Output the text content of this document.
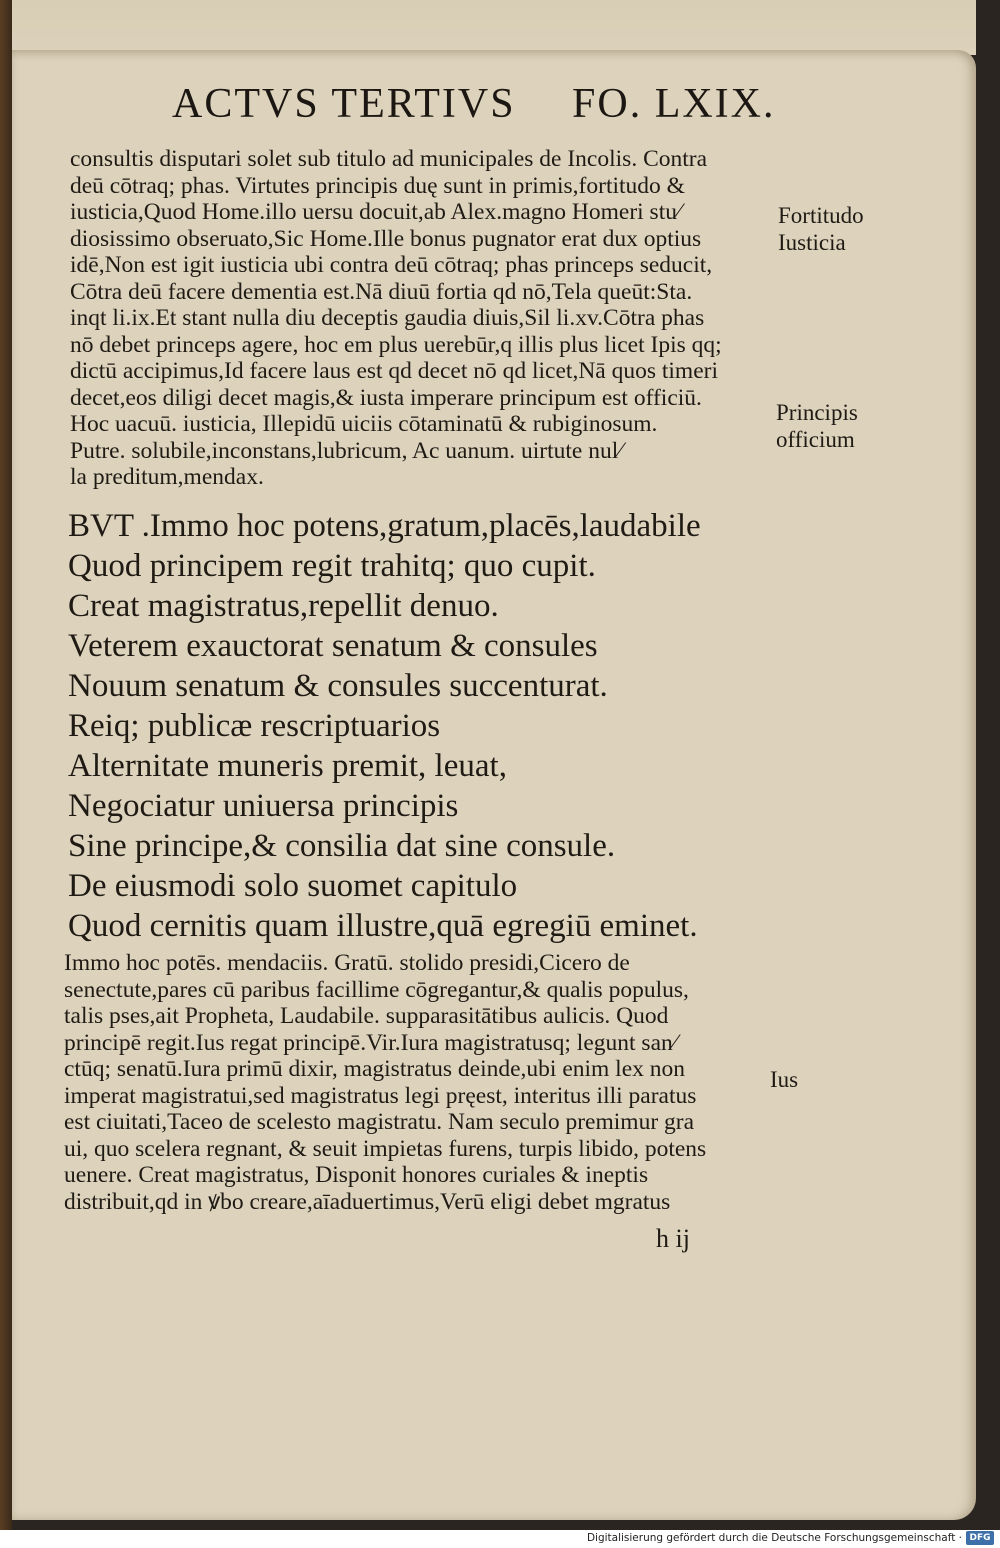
ACTVS TERTIVS FO. LXIX.
consultis disputari solet sub titulo ad municipales de Incolis. Contra
deū cōtraq; phas. Virtutes principis duę sunt in primis,fortitudo &
iusticia,Quod Home.illo uersu docuit,ab Alex.magno Homeri stu⁄
diosissimo obseruato,Sic Home.Ille bonus pugnator erat dux optius
idē,Non est igit iusticia ubi contra deū cōtraq; phas princeps seducit,
Cōtra deū facere dementia est.Nā diuū fortia qd nō,Tela queūt:Sta.
inqt li.ix.Et stant nulla diu deceptis gaudia diuis,Sil li.xv.Cōtra phas
nō debet princeps agere, hoc em plus uerebūr,q illis plus licet Ipis qq;
dictū accipimus,Id facere laus est qd decet nō qd licet,Nā quos timeri
decet,eos diligi decet magis,& iusta imperare principum est officiū.
Hoc uacuū. iusticia, Illepidū uiciis cōtaminatū & rubiginosum.
Putre. solubile,inconstans,lubricum, Ac uanum. uirtute nul⁄
la preditum,mendax.
BVT .Immo hoc potens,gratum,placēs,laudabile
Quod principem regit trahitq; quo cupit.
Creat magistratus,repellit denuo.
Veterem exauctorat senatum & consules
Nouum senatum & consules succenturat.
Reiq; publicæ rescriptuarios
Alternitate muneris premit, leuat,
Negociatur uniuersa principis
Sine principe,& consilia dat sine consule.
De eiusmodi solo suomet capitulo
Quod cernitis quam illustre,quā egregiū eminet.
Immo hoc potēs. mendaciis. Gratū. stolido presidi,Cicero de
senectute,pares cū paribus facillime cōgregantur,& qualis populus,
talis pses,ait Propheta, Laudabile. supparasitātibus aulicis. Quod
principē regit.Ius regat principē.Vir.Iura magistratusq; legunt san⁄
ctūq; senatū.Iura primū dixir, magistratus deinde,ubi enim lex non
imperat magistratui,sed magistratus legi pręest, interitus illi paratus
est ciuitati,Taceo de scelesto magistratu. Nam seculo premimur gra
ui, quo scelera regnant, & seuit impietas furens, turpis libido, potens
uenere. Creat magistratus, Disponit honores curiales & ineptis
distribuit,qd in ꝟbo creare,aīaduertimus,Verū eligi debet mgratus
Fortitudo
Iusticia
Principis
officium
Ius
h ij
Digitalisierung gefördert durch die Deutsche Forschungsgemeinschaft · DFG
